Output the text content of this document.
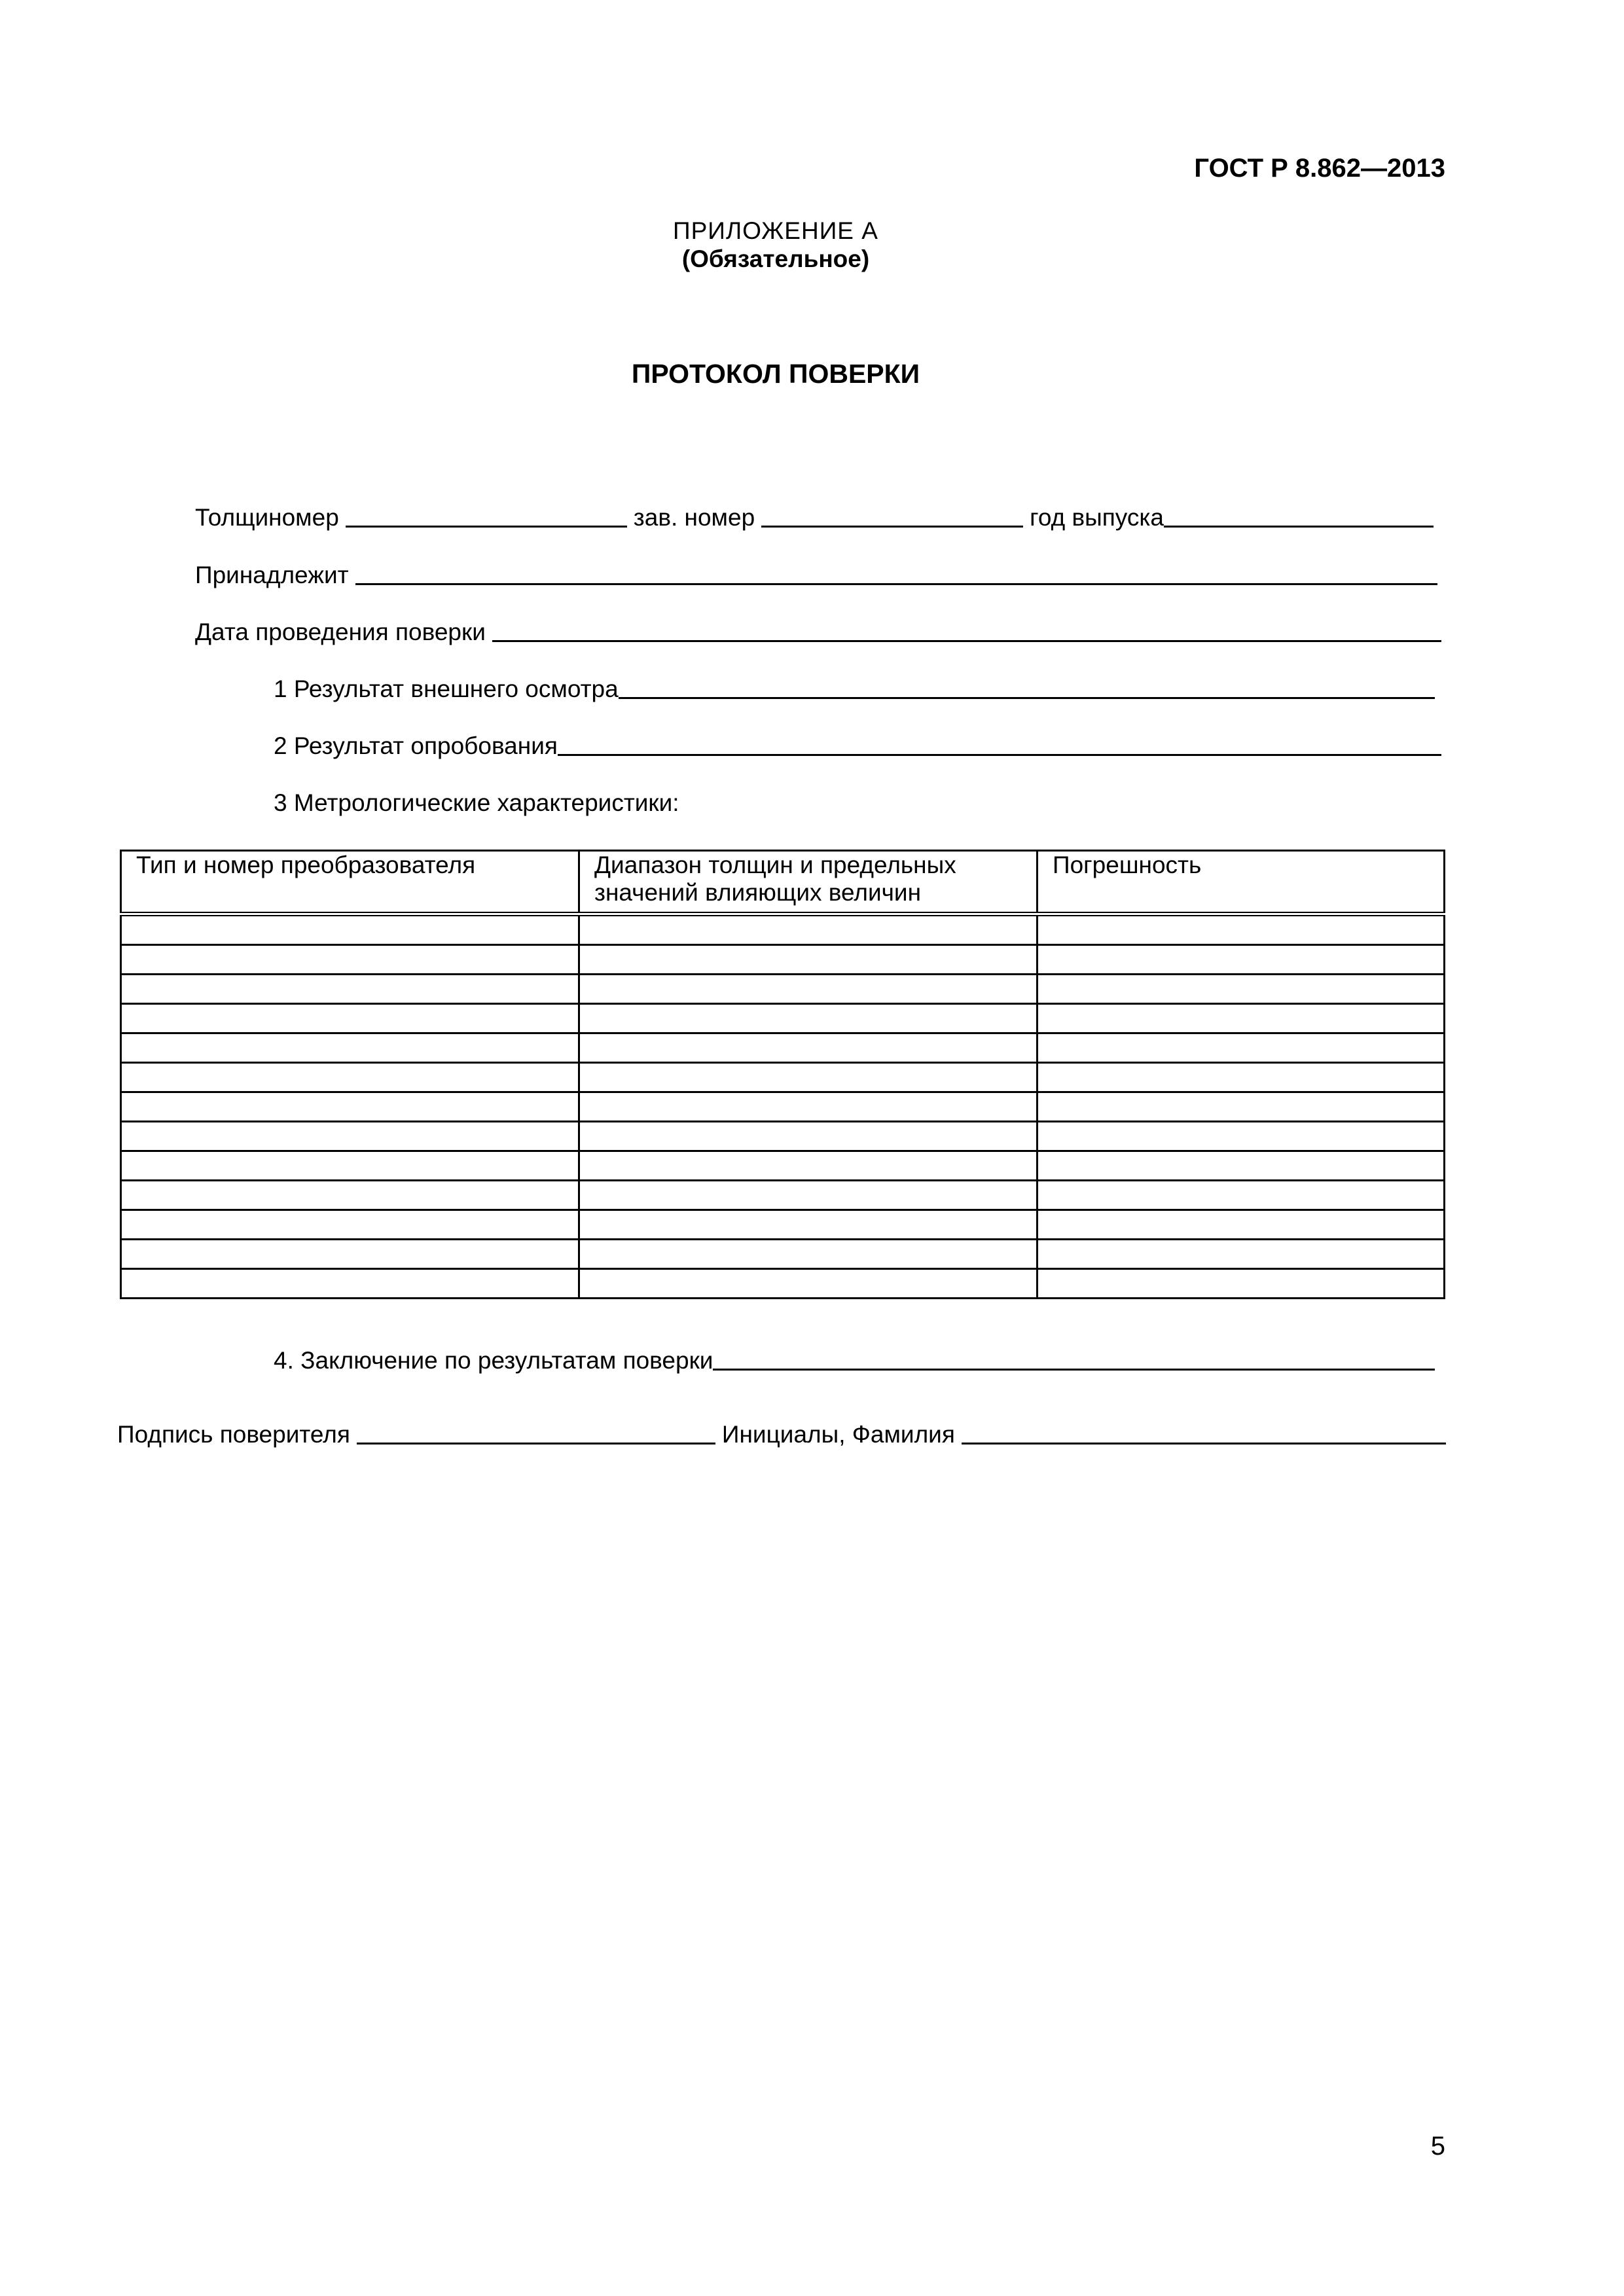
ГОСТ Р 8.862—2013
ПРИЛОЖЕНИЕ А
(Обязательное)
ПРОТОКОЛ ПОВЕРКИ
Толщиномер	зав. номер	год выпуска
Принадлежит
Дата проведения поверки
1 Результат внешнего осмотра
2 Результат опробования
3 Метрологические характеристики:
Тип и номер преобразователя	Диапазон толщин и предельных значений влияющих величин	Погрешность

4. Заключение по результатам поверки
Подпись поверителя	Инициалы, Фамилия
5
